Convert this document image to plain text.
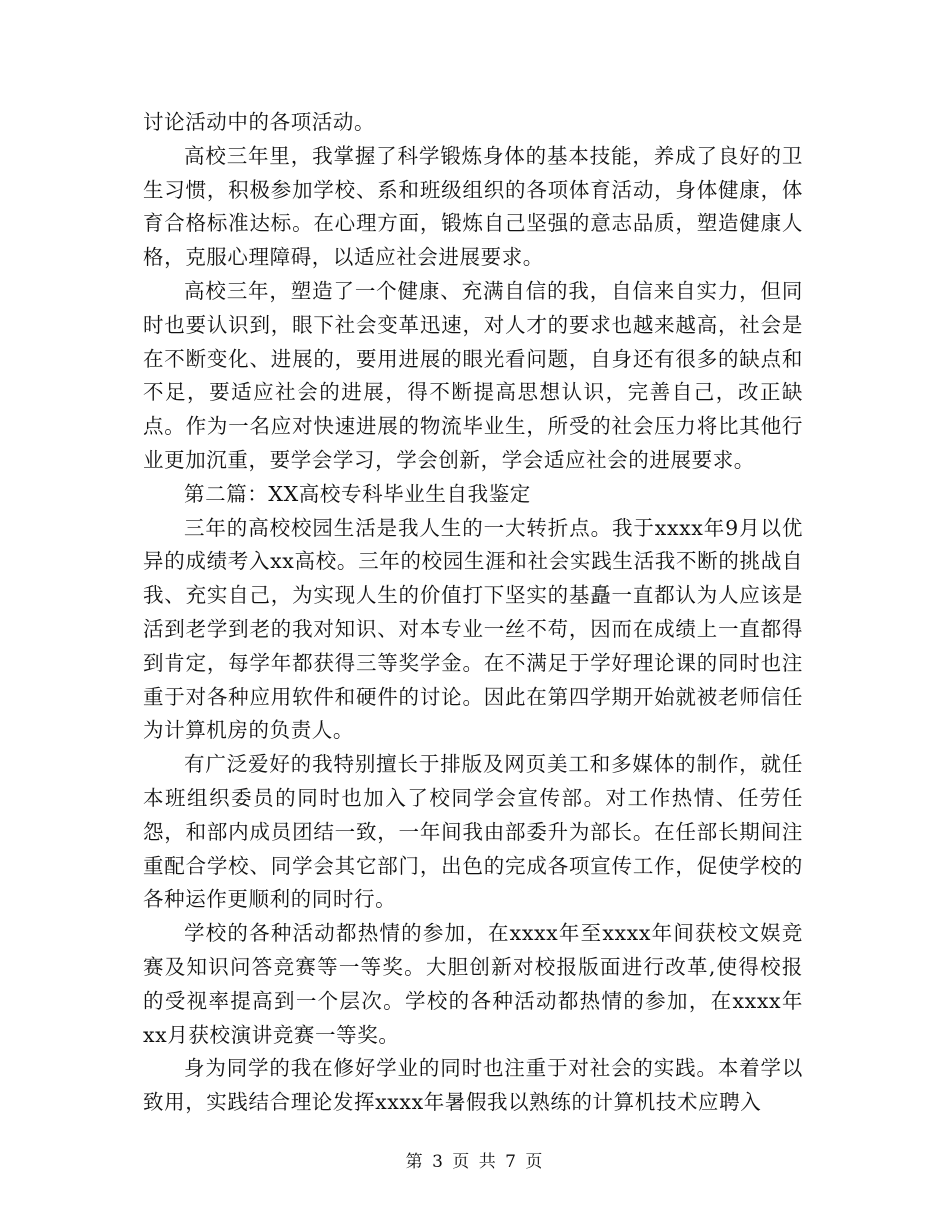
讨论活动中的各项活动。

高校三年里，我掌握了科学锻炼身体的基本技能，养成了良好的卫生习惯，积极参加学校、系和班级组织的各项体育活动，身体健康，体育合格标准达标。在心理方面，锻炼自己坚强的意志品质，塑造健康人格，克服心理障碍，以适应社会进展要求。

高校三年，塑造了一个健康、充满自信的我，自信来自实力，但同时也要认识到，眼下社会变革迅速，对人才的要求也越来越高，社会是在不断变化、进展的，要用进展的眼光看问题，自身还有很多的缺点和不足，要适应社会的进展，得不断提高思想认识，完善自己，改正缺点。作为一名应对快速进展的物流毕业生，所受的社会压力将比其他行业更加沉重，要学会学习，学会创新，学会适应社会的进展要求。

第二篇：XX高校专科毕业生自我鉴定

三年的高校校园生活是我人生的一大转折点。我于xxxx年9月以优异的成绩考入xx高校。三年的校园生涯和社会实践生活我不断的挑战自我、充实自己，为实现人生的价值打下坚实的基矗一直都认为人应该是活到老学到老的我对知识、对本专业一丝不苟，因而在成绩上一直都得到肯定，每学年都获得三等奖学金。在不满足于学好理论课的同时也注重于对各种应用软件和硬件的讨论。因此在第四学期开始就被老师信任为计算机房的负责人。

有广泛爱好的我特别擅长于排版及网页美工和多媒体的制作，就任本班组织委员的同时也加入了校同学会宣传部。对工作热情、任劳任怨，和部内成员团结一致，一年间我由部委升为部长。在任部长期间注重配合学校、同学会其它部门，出色的完成各项宣传工作，促使学校的各种运作更顺利的同时行。

学校的各种活动都热情的参加，在xxxx年至xxxx年间获校文娱竞赛及知识问答竞赛等一等奖。大胆创新对校报版面进行改革,使得校报的受视率提高到一个层次。学校的各种活动都热情的参加，在xxxx年xx月获校演讲竞赛一等奖。

身为同学的我在修好学业的同时也注重于对社会的实践。本着学以致用，实践结合理论发挥xxxx年暑假我以熟练的计算机技术应聘入

第 3 页 共 7 页
